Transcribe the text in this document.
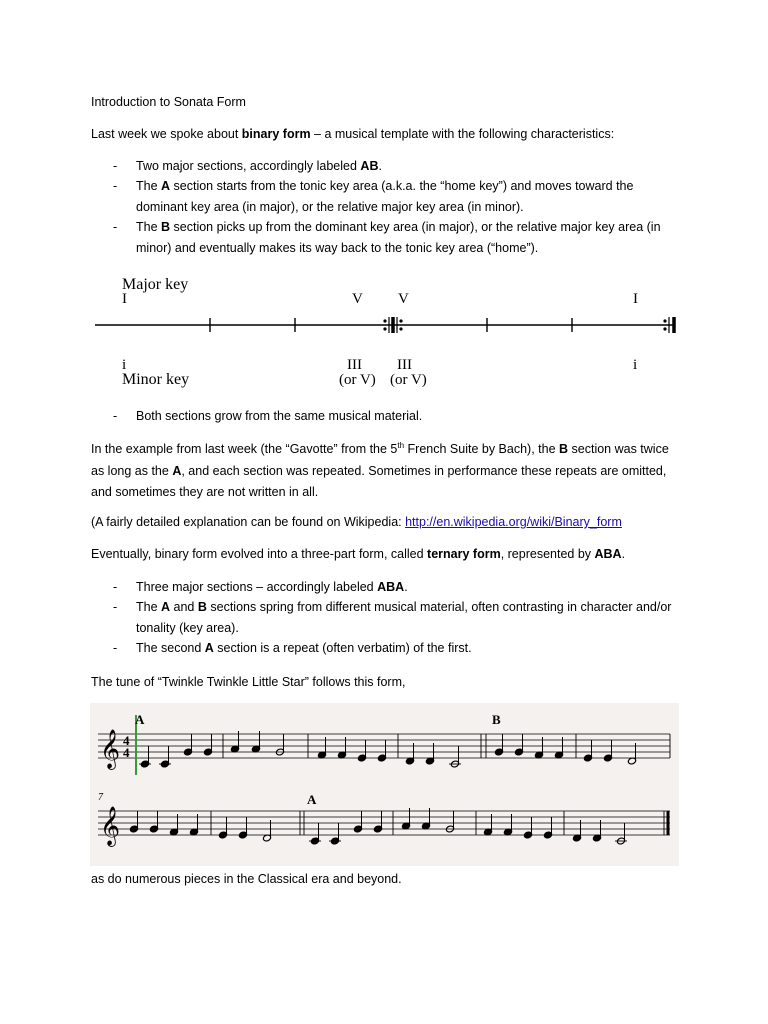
Introduction to Sonata Form
Last week we spoke about binary form – a musical template with the following characteristics:
- Two major sections, accordingly labeled AB.
- The A section starts from the tonic key area (a.k.a. the “home key”) and moves toward the dominant key area (in major), or the relative major key area (in minor).
- The B section picks up from the dominant key area (in major), or the relative major key area (in minor) and eventually makes its way back to the tonic key area (“home”).
Major key
I	V V	I
i	III III	i
(or V) (or V)
Minor key
- Both sections grow from the same musical material.
In the example from last week (the “Gavotte” from the 5th French Suite by Bach), the B section was twice as long as the A, and each section was repeated. Sometimes in performance these repeats are omitted, and sometimes they are not written in all.
(A fairly detailed explanation can be found on Wikipedia: http://en.wikipedia.org/wiki/Binary_form
Eventually, binary form evolved into a three-part form, called ternary form, represented by ABA.
- Three major sections – accordingly labeled ABA.
- The A and B sections spring from different musical material, often contrasting in character and/or tonality (key area).
- The second A section is a repeat (often verbatim) of the first.
The tune of “Twinkle Twinkle Little Star” follows this form,
𝄞
𝄞
A	B
A
4
4
7
as do numerous pieces in the Classical era and beyond.
